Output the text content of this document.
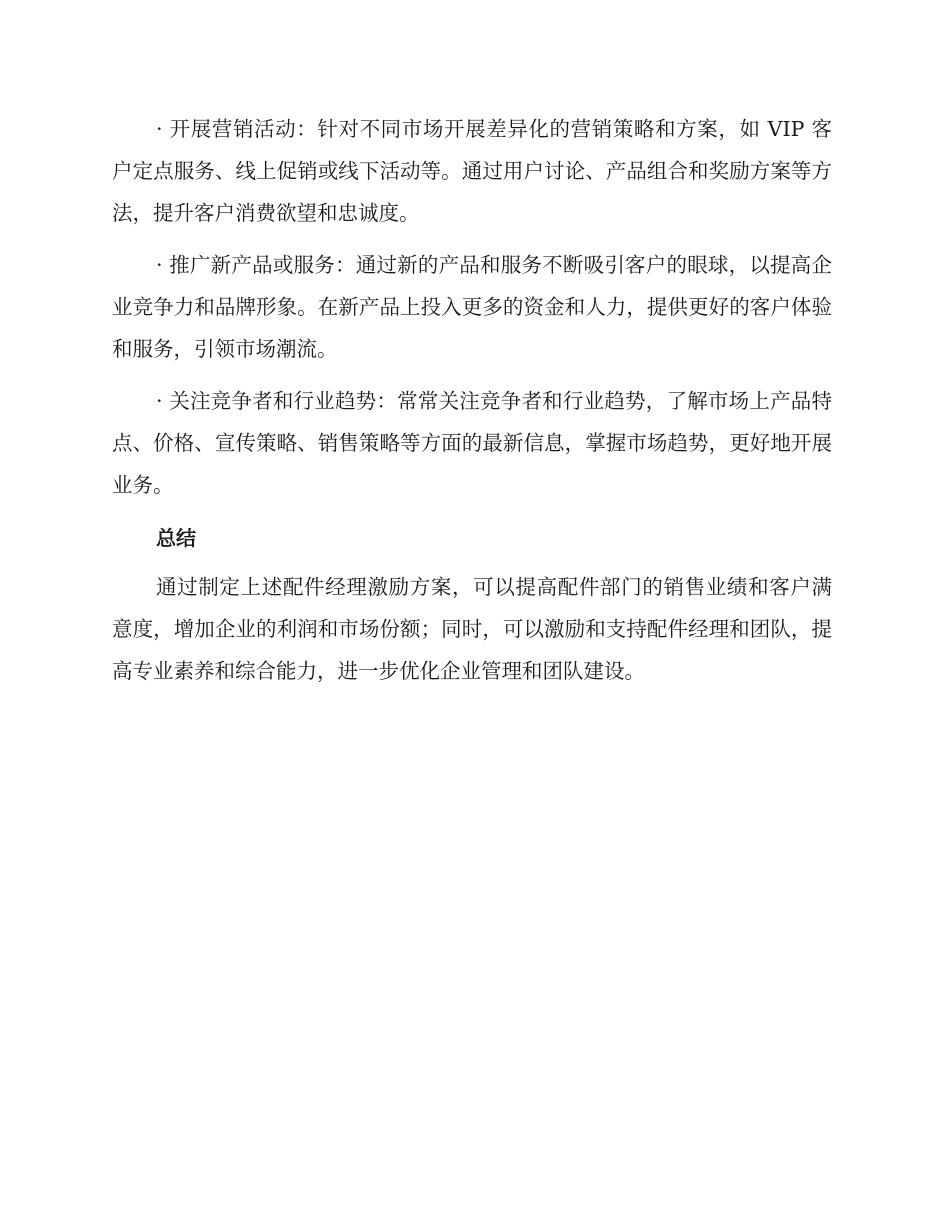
· 开展营销活动：针对不同市场开展差异化的营销策略和方案，如 VIP 客户定点服务、线上促销或线下活动等。通过用户讨论、产品组合和奖励方案等方法，提升客户消费欲望和忠诚度。

· 推广新产品或服务：通过新的产品和服务不断吸引客户的眼球，以提高企业竞争力和品牌形象。在新产品上投入更多的资金和人力，提供更好的客户体验和服务，引领市场潮流。

· 关注竞争者和行业趋势：常常关注竞争者和行业趋势，了解市场上产品特点、价格、宣传策略、销售策略等方面的最新信息，掌握市场趋势，更好地开展业务。

总结

通过制定上述配件经理激励方案，可以提高配件部门的销售业绩和客户满意度，增加企业的利润和市场份额；同时，可以激励和支持配件经理和团队，提高专业素养和综合能力，进一步优化企业管理和团队建设。
